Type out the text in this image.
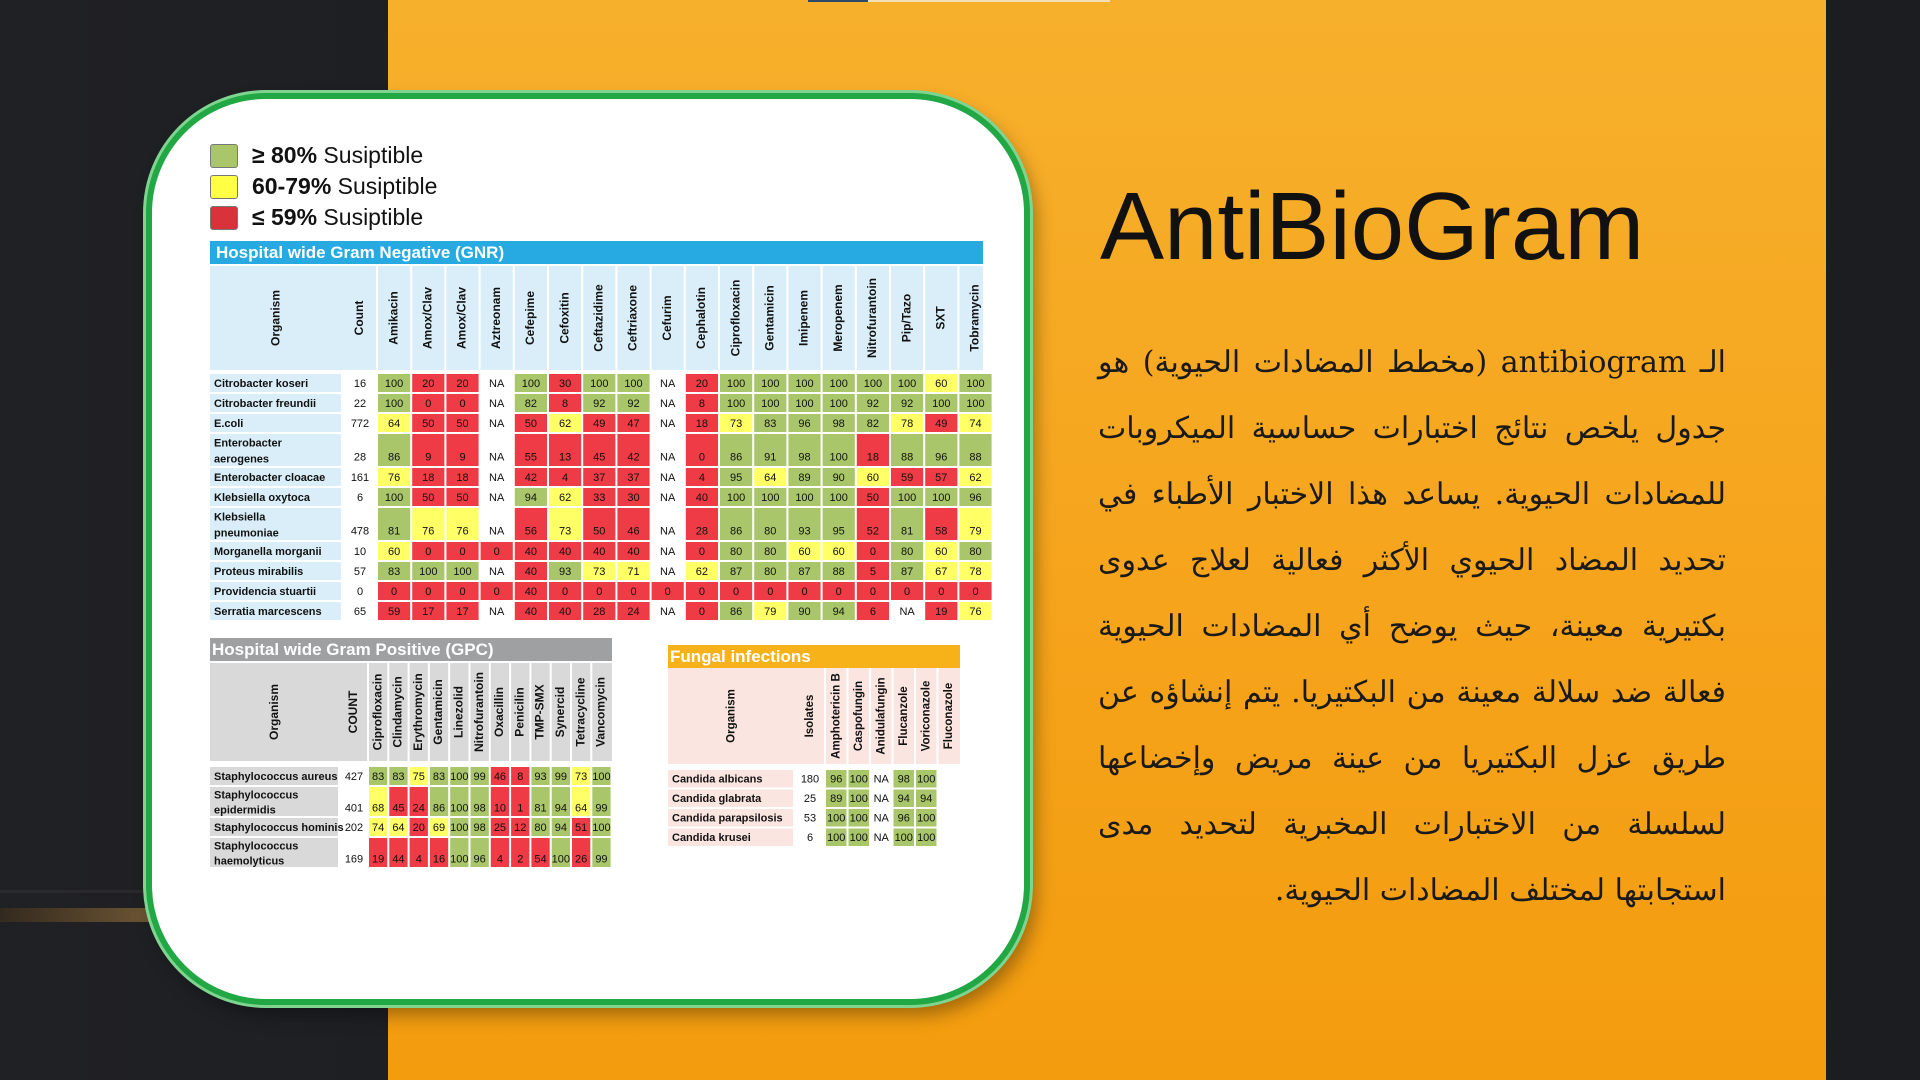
≥ 80% Susiptible
60-79% Susiptible
≤ 59% Susiptible
Hospital wide Gram Negative (GNR)
Organism	Count Amikacin Amox/Clav Amox/Clav Aztreonam Cefepime Cefoxitin Ceftazidime Ceftriaxone Cefurim Cephalotin Ciprofloxacin Gentamicin Imipenem Meropenem Nitrofurantoin Pip/Tazo SXT Tobramycin
Citrobacter koseri	16 100 20 20 NA 100 30 100 100 NA 20 100 100 100 100 100 100 60 100
Citrobacter freundii	22 100 0	0 NA 82 8 92 92 NA 8 100 100 100 100 92 92 100 100
E.coli	772 64 50 50 NA 50 62 49 47 NA 18 73 83 96 98 82 78 49 74
Enterobacter
aerogenes	28 86 9	9 NA 55 13 45 42 NA 0 86 91 98 100 18 88 96 88
Enterobacter cloacae 161 76 18 18 NA 42 4 37 37 NA 4 95 64 89 90 60 59 57 62
Klebsiella oxytoca	6 100 50 50 NA 94 62 33 30 NA 40 100 100 100 100 50 100 100 96
Klebsiella
pneumoniae	478 81 76 76 NA 56 73 50 46 NA 28 86 80 93 95 52 81 58 79
Morganella morganii	10 60 0	0	0 40 40 40 40 NA 0 80 80 60 60 0 80 60 80
Proteus mirabilis	57 83 100 100 NA 40 93 73 71 NA 62 87 80 87 88 5 87 67 78
Providencia stuartii	0	0	0	0	0 40 0	0	0	0	0	0	0	0	0	0	0	0	0
Serratia marcescens	65 59 17 17 NA 40 40 28 24 NA 0 86 79 90 94 6 NA 19 76
Hospital wide Gram Positive (GPC)
Organism	COUNT Ciprofloxacin Clindamycin Erythromycin Gentamicin Linezolid Nitrofurantoin Oxacillin Penicilin TMP-SMX Synercid Tetracycline Vancomycin
Staphylococcus aureus 427 83 83 75 83 100 99 46 8 93 99 73 100
Staphylococcus
epidermidis	401 68 45 24 86 100 98 10 1 81 94 64 99
Staphylococcus hominis 202 74 64 20 69 100 98 25 12 80 94 51 100
Staphylococcus
haemolyticus	169 19 44 4 16 100 96 4 2 54 100 26 99
Fungal infections
Organism	Isolates Amphotericin B Caspofungin Anidulafungin Flucanzole Voriconazole Fluconazole
Candida albicans	180 96 100 NA 98 100
Candida glabrata	25 89 100 NA 94 94
Candida parapsilosis 53 100 100 NA 96 100
Candida krusei	6 100 100 NA 100 100
AntiBioGram
الـ antibiogram (مخطط المضادات الحيوية) هو جدول يلخص نتائج اختبارات حساسية الميكروبات للمضادات الحيوية. يساعد هذا الاختبار الأطباء في تحديد المضاد الحيوي الأكثر فعالية لعلاج عدوى بكتيرية معينة، حيث يوضح أي المضادات الحيوية فعالة ضد سلالة معينة من البكتيريا. يتم إنشاؤه عن طريق عزل البكتيريا من عينة مريض وإخضاعها لسلسلة من الاختبارات المخبرية لتحديد مدى استجابتها لمختلف المضادات الحيوية.
